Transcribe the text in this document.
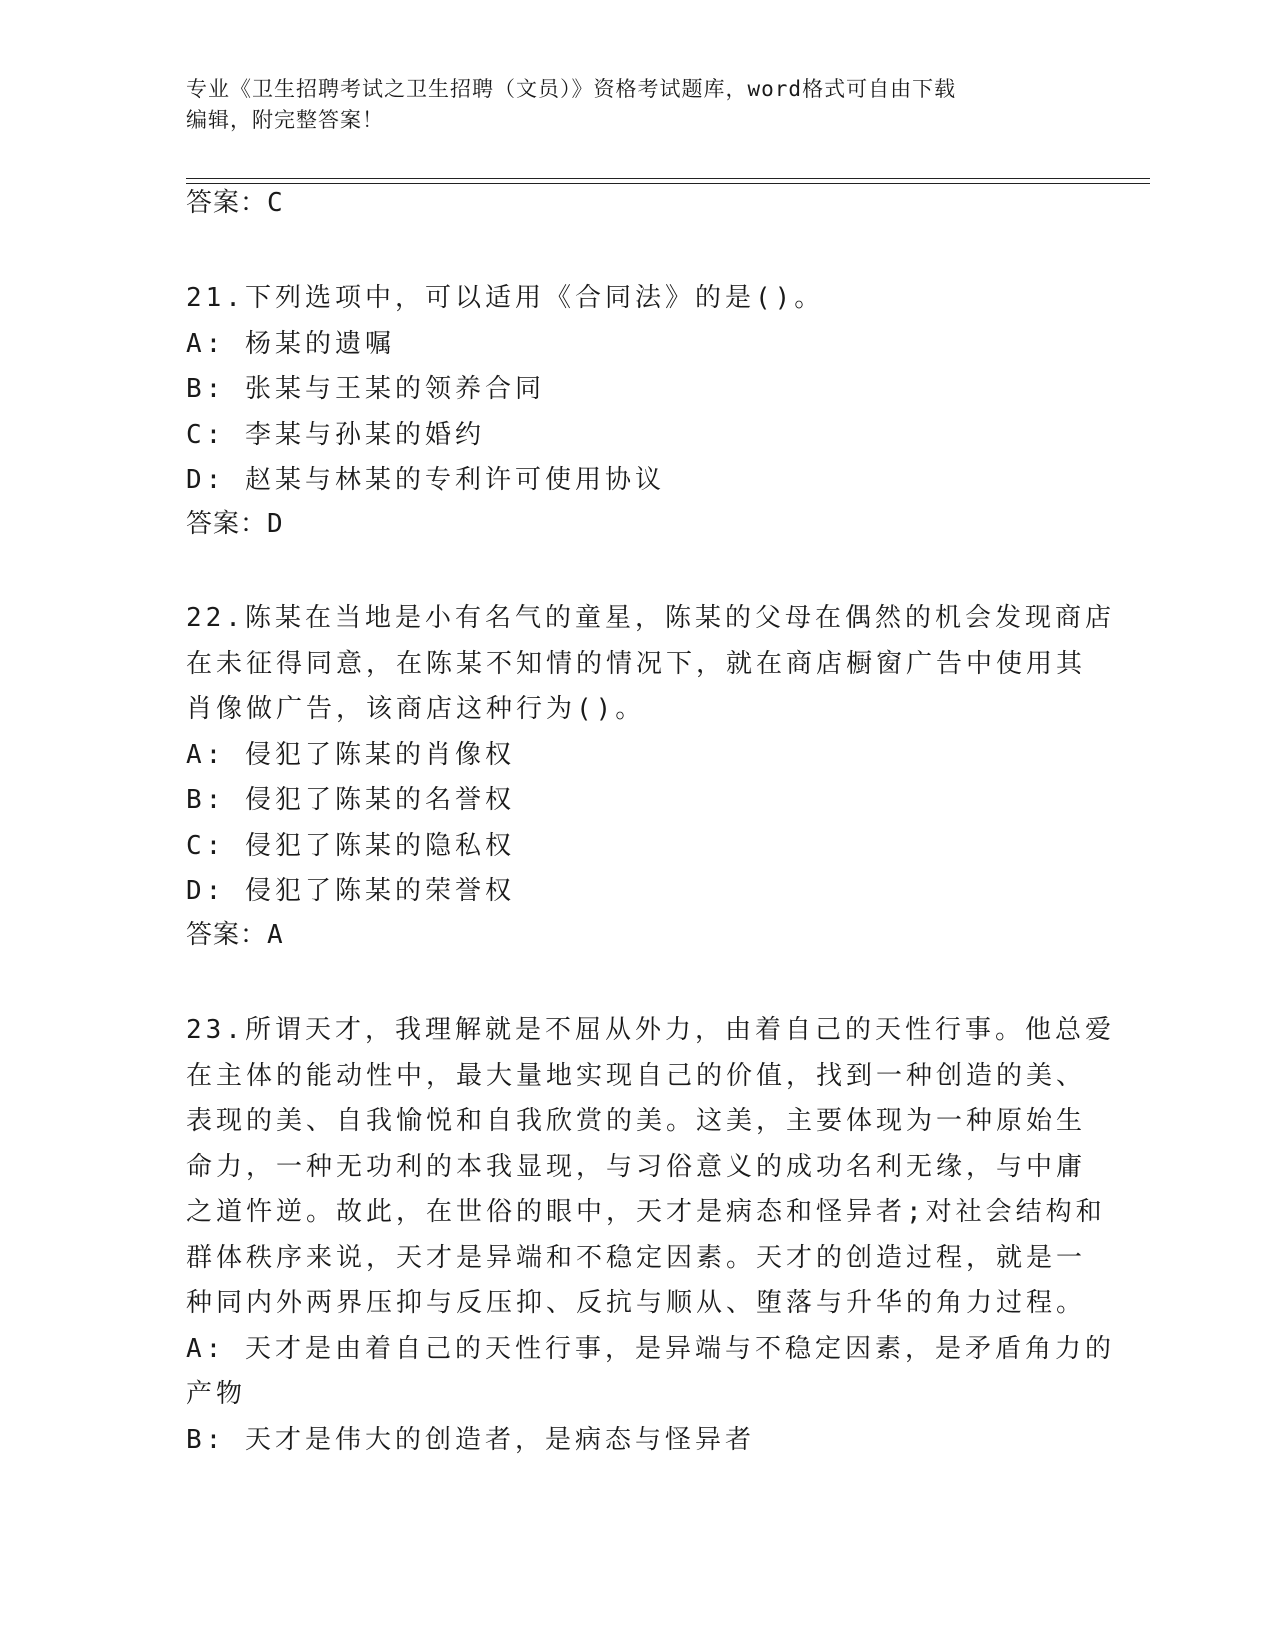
专业《卫生招聘考试之卫生招聘（文员）》资格考试题库，word格式可自由下载
编辑，附完整答案！
答案：C
21.下列选项中，可以适用《合同法》的是()。
A: 杨某的遗嘱
B: 张某与王某的领养合同
C: 李某与孙某的婚约
D: 赵某与林某的专利许可使用协议
答案：D
22.陈某在当地是小有名气的童星，陈某的父母在偶然的机会发现商店
在未征得同意，在陈某不知情的情况下，就在商店橱窗广告中使用其
肖像做广告，该商店这种行为()。
A: 侵犯了陈某的肖像权
B: 侵犯了陈某的名誉权
C: 侵犯了陈某的隐私权
D: 侵犯了陈某的荣誉权
答案：A
23.所谓天才，我理解就是不屈从外力，由着自己的天性行事。他总爱
在主体的能动性中，最大量地实现自己的价值，找到一种创造的美、
表现的美、自我愉悦和自我欣赏的美。这美，主要体现为一种原始生
命力，一种无功利的本我显现，与习俗意义的成功名利无缘，与中庸
之道忤逆。故此，在世俗的眼中，天才是病态和怪异者;对社会结构和
群体秩序来说，天才是异端和不稳定因素。天才的创造过程，就是一
种同内外两界压抑与反压抑、反抗与顺从、堕落与升华的角力过程。
A: 天才是由着自己的天性行事，是异端与不稳定因素，是矛盾角力的
产物
B: 天才是伟大的创造者，是病态与怪异者
